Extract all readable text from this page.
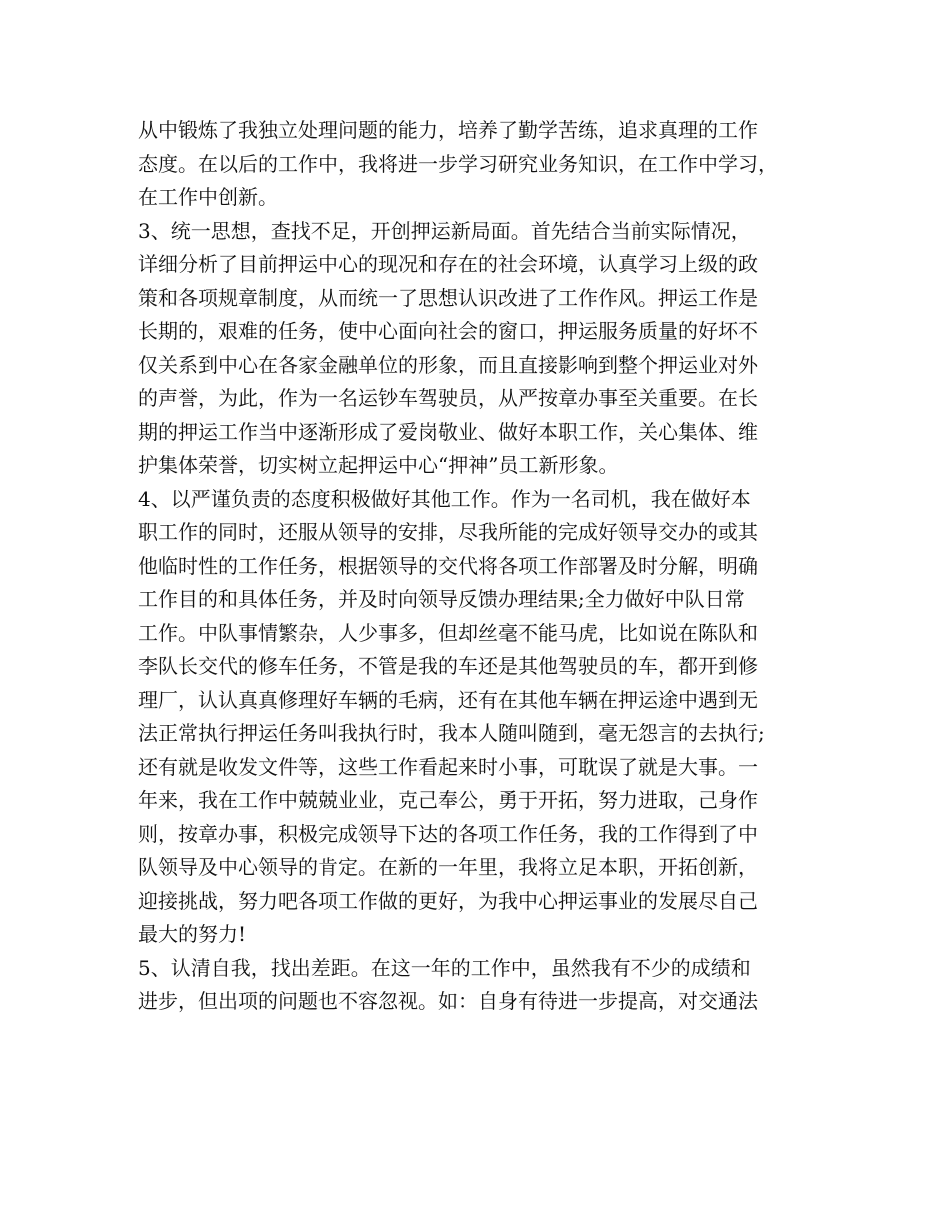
从中锻炼了我独立处理问题的能力，培养了勤学苦练，追求真理的工作
态度。在以后的工作中，我将进一步学习研究业务知识，在工作中学习，
在工作中创新。
3、统一思想，查找不足，开创押运新局面。首先结合当前实际情况，
详细分析了目前押运中心的现况和存在的社会环境，认真学习上级的政
策和各项规章制度，从而统一了思想认识改进了工作作风。押运工作是
长期的，艰难的任务，使中心面向社会的窗口，押运服务质量的好坏不
仅关系到中心在各家金融单位的形象，而且直接影响到整个押运业对外
的声誉，为此，作为一名运钞车驾驶员，从严按章办事至关重要。在长
期的押运工作当中逐渐形成了爱岗敬业、做好本职工作，关心集体、维
护集体荣誉，切实树立起押运中心“押神”员工新形象。
4、以严谨负责的态度积极做好其他工作。作为一名司机，我在做好本
职工作的同时，还服从领导的安排，尽我所能的完成好领导交办的或其
他临时性的工作任务，根据领导的交代将各项工作部署及时分解，明确
工作目的和具体任务，并及时向领导反馈办理结果;全力做好中队日常
工作。中队事情繁杂，人少事多，但却丝毫不能马虎，比如说在陈队和
李队长交代的修车任务，不管是我的车还是其他驾驶员的车，都开到修
理厂，认认真真修理好车辆的毛病，还有在其他车辆在押运途中遇到无
法正常执行押运任务叫我执行时，我本人随叫随到，毫无怨言的去执行;
还有就是收发文件等，这些工作看起来时小事，可耽误了就是大事。一
年来，我在工作中兢兢业业，克己奉公，勇于开拓，努力进取，己身作
则，按章办事，积极完成领导下达的各项工作任务，我的工作得到了中
队领导及中心领导的肯定。在新的一年里，我将立足本职，开拓创新，
迎接挑战，努力吧各项工作做的更好，为我中心押运事业的发展尽自己
最大的努力!
5、认清自我，找出差距。在这一年的工作中，虽然我有不少的成绩和
进步，但出项的问题也不容忽视。如：自身有待进一步提高，对交通法
